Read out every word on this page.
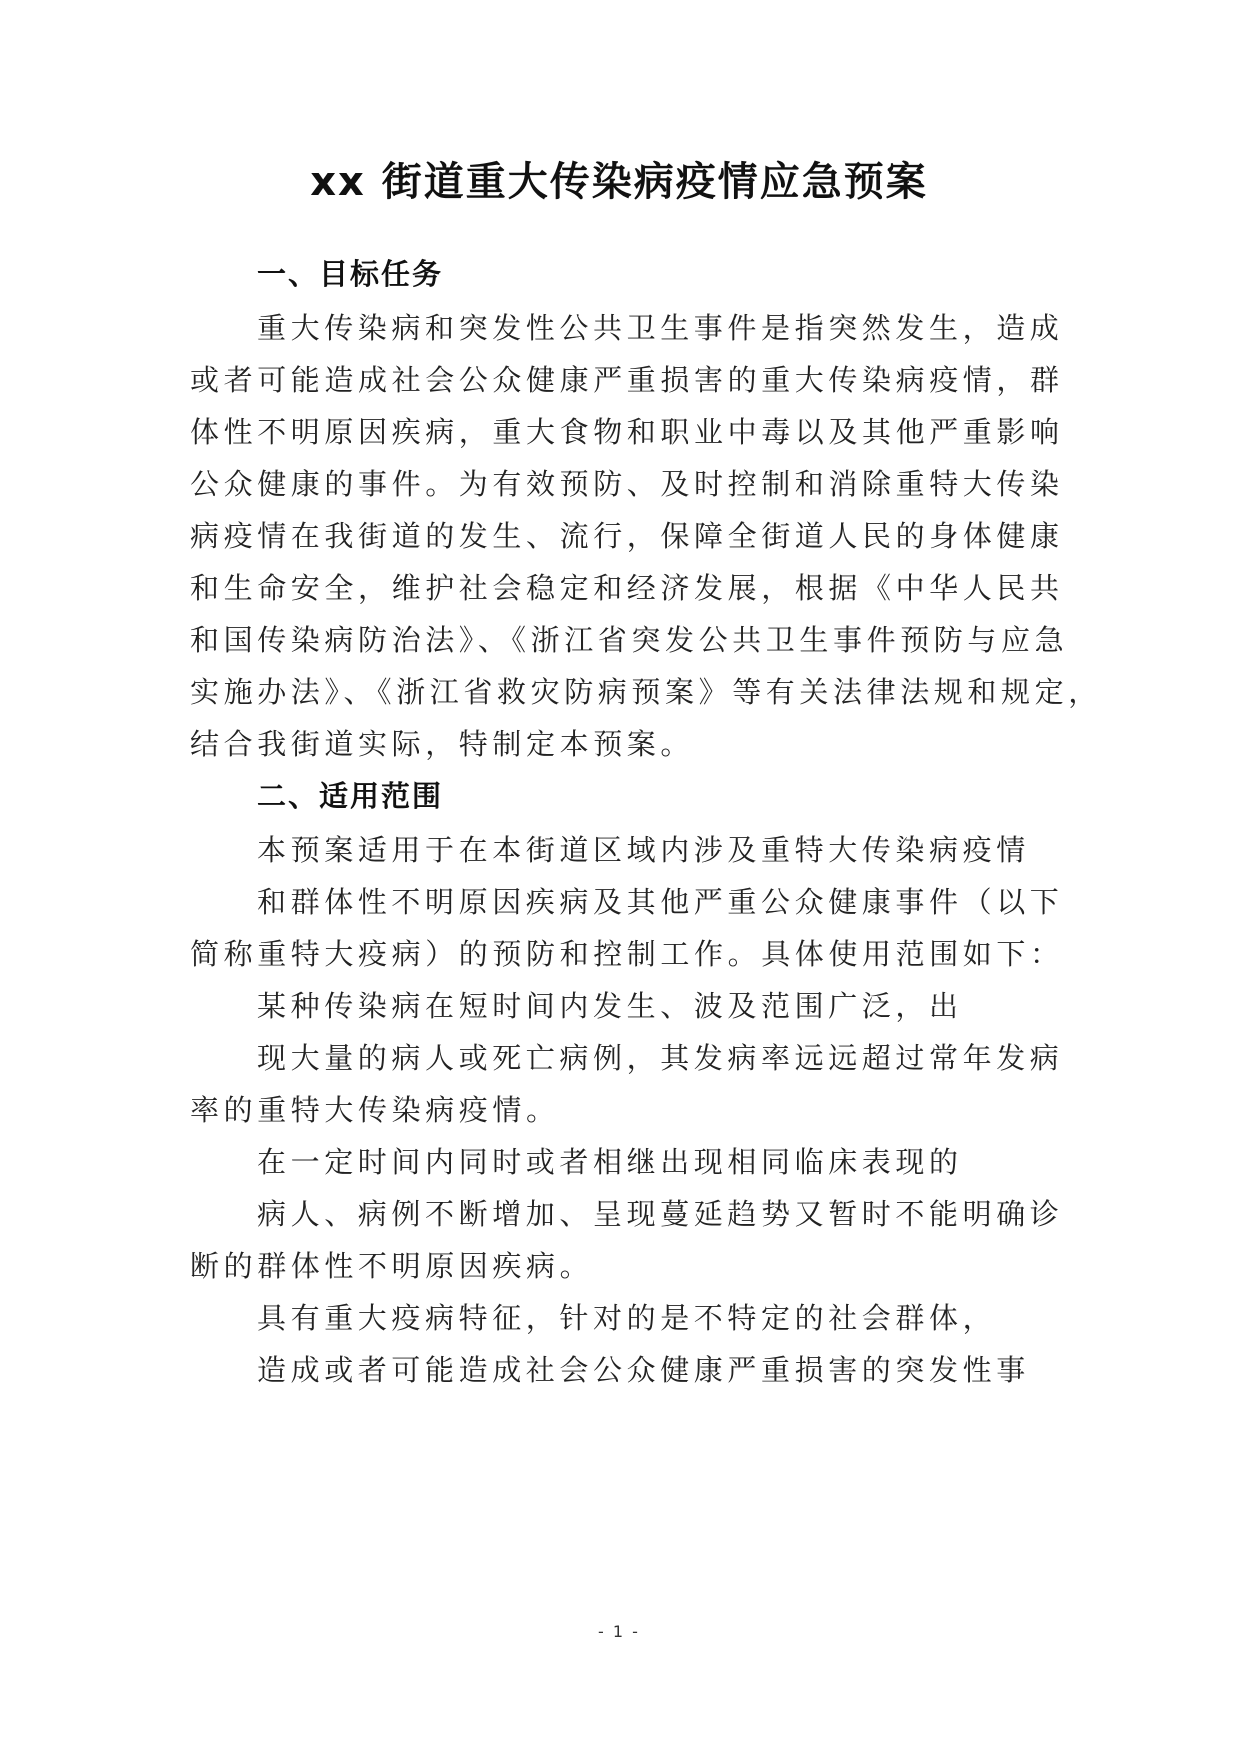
xx 街道重大传染病疫情应急预案
一、目标任务
重大传染病和突发性公共卫生事件是指突然发生，造成
或者可能造成社会公众健康严重损害的重大传染病疫情，群
体性不明原因疾病，重大食物和职业中毒以及其他严重影响
公众健康的事件。为有效预防、及时控制和消除重特大传染
病疫情在我街道的发生、流行，保障全街道人民的身体健康
和生命安全，维护社会稳定和经济发展，根据《中华人民共
和国传染病防治法》、《浙江省突发公共卫生事件预防与应急
实施办法》、《浙江省救灾防病预案》等有关法律法规和规定，
结合我街道实际，特制定本预案。
二、适用范围
本预案适用于在本街道区域内涉及重特大传染病疫情
和群体性不明原因疾病及其他严重公众健康事件（以下
简称重特大疫病）的预防和控制工作。具体使用范围如下：
某种传染病在短时间内发生、波及范围广泛，出
现大量的病人或死亡病例，其发病率远远超过常年发病
率的重特大传染病疫情。
在一定时间内同时或者相继出现相同临床表现的
病人、病例不断增加、呈现蔓延趋势又暂时不能明确诊
断的群体性不明原因疾病。
具有重大疫病特征，针对的是不特定的社会群体，
造成或者可能造成社会公众健康严重损害的突发性事
- 1 -
